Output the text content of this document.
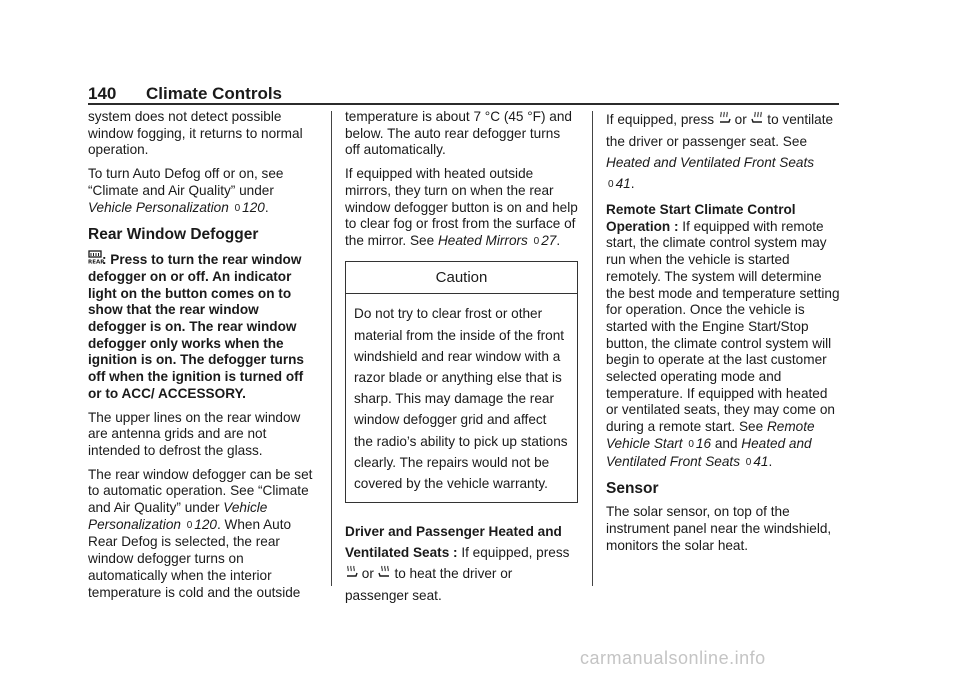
140 Climate Controls

system does not detect possible window fogging, it returns to normal operation.

To turn Auto Defog off or on, see “Climate and Air Quality” under Vehicle Personalization 0 120.

Rear Window Defogger

REAR
: Press to turn the rear window defogger on or off. An indicator light on the button comes on to show that the rear window defogger is on. The rear window defogger only works when the ignition is on. The defogger turns off when the ignition is turned off or to ACC/ ACCESSORY.

The upper lines on the rear window are antenna grids and are not intended to defrost the glass.

The rear window defogger can be set to automatic operation. See “Climate and Air Quality” under Vehicle Personalization 0 120. When Auto Rear Defog is selected, the rear window defogger turns on automatically when the interior temperature is cold and the outside

temperature is about 7 °C (45 °F) and below. The auto rear defogger turns off automatically.

If equipped with heated outside mirrors, they turn on when the rear window defogger button is on and help to clear fog or frost from the surface of the mirror. See Heated Mirrors 0 27.

Caution
Do not try to clear frost or other material from the inside of the front windshield and rear window with a razor blade or anything else that is sharp. This may damage the rear window defogger grid and affect the radio’s ability to pick up stations clearly. The repairs would not be covered by the vehicle warranty.

Driver and Passenger Heated and Ventilated Seats : If equipped, press  or to heat the driver or passenger seat.

If equipped, press or to ventilate the driver or passenger seat. See Heated and Ventilated Front Seats 0 41.

Remote Start Climate Control Operation : If equipped with remote start, the climate control system may run when the vehicle is started remotely. The system will determine the best mode and temperature setting for operation. Once the vehicle is started with the Engine Start/Stop button, the climate control system will begin to operate at the last customer selected operating mode and temperature. If equipped with heated or ventilated seats, they may come on during a remote start. See Remote Vehicle Start 0 16 and Heated and Ventilated Front Seats 0 41.

Sensor

The solar sensor, on top of the instrument panel near the windshield, monitors the solar heat.

carmanualsonline.info
